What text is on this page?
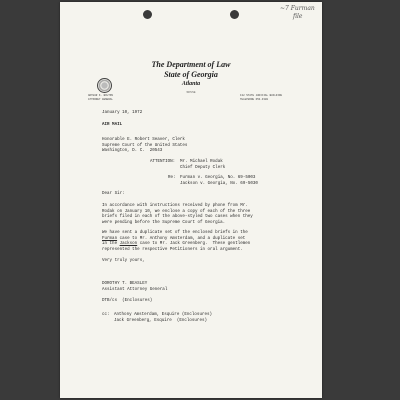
~7 Furman
file
The Department of Law
State of Georgia
Atlanta
30334
ARTHUR K. BOLTON
ATTORNEY GENERAL
132 STATE JUDICIAL BUILDING
TELEPHONE 656-3300
January 10, 1972
AIR MAIL
Honorable E. Robert Seaver, Clerk
Supreme Court of the United States
Washington, D. C.  20543
ATTENTION: Mr. Michael Rodak
Chief Deputy Clerk
Re: Furman v. Georgia, No. 69-5003
Jackson v. Georgia, No. 69-5030
Dear Sir:
In accordance with instructions received by phone from Mr.
Rodak on January 10, we enclose a copy of each of the three
briefs filed in each of the above-styled two cases when they
were pending before the Supreme Court of Georgia.
We have sent a duplicate set of the enclosed briefs in the
Furman case to Mr. Anthony Amsterdam, and a duplicate set
in the Jackson case to Mr. Jack Greenberg.  These gentlemen
represented the respective Petitioners in oral argument.
Very truly yours,
DOROTHY T. BEASLEY
Assistant Attorney General
DTB/cs  (Enclosures)
cc: Anthony Amsterdam, Esquire (Enclosures)
Jack Greenberg, Esquire  (Enclosures)
